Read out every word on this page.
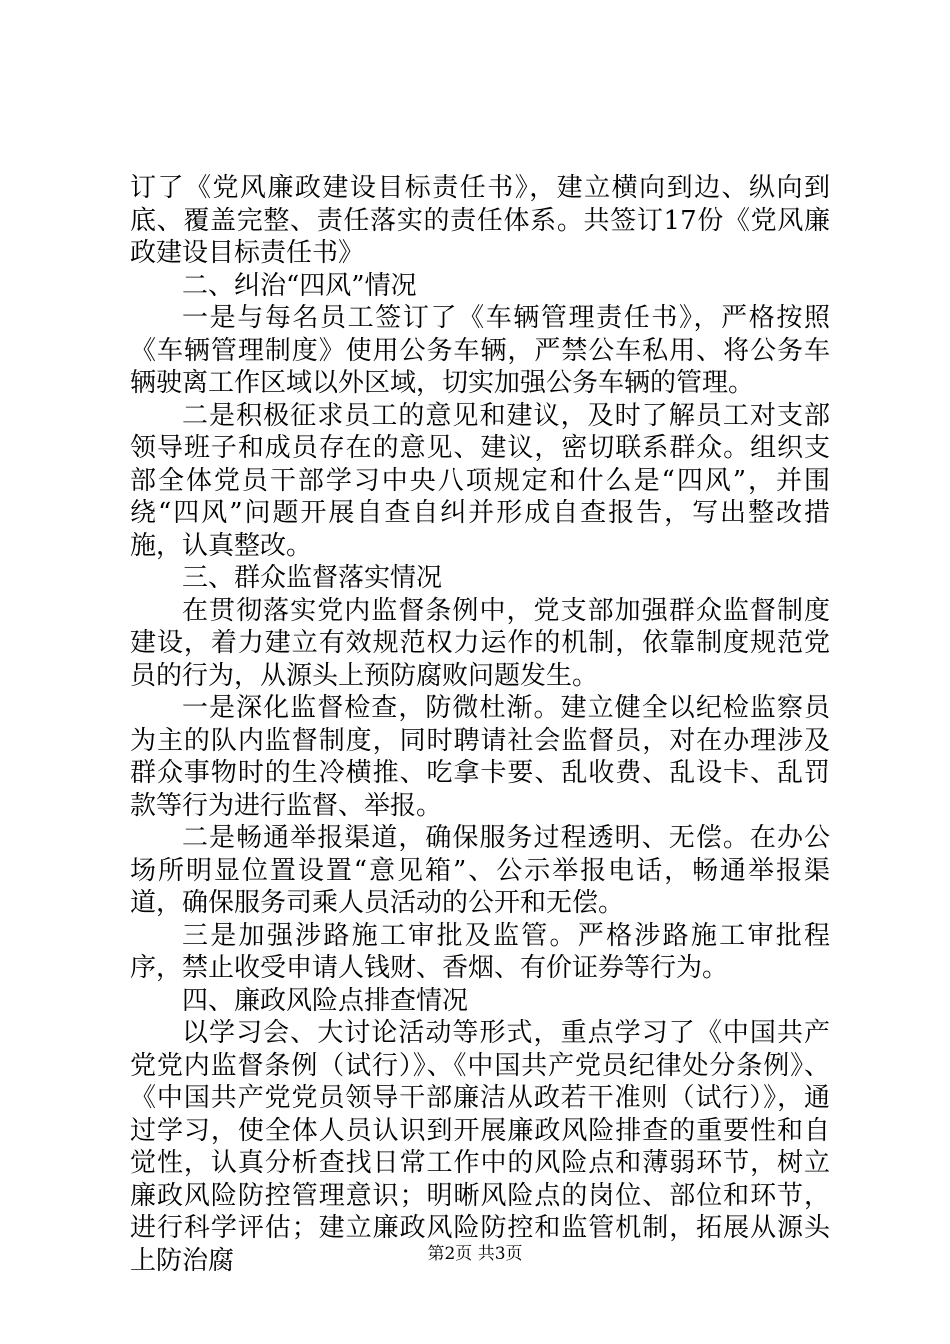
订了《党风廉政建设目标责任书》，建立横向到边、纵向到底、覆盖完整、责任落实的责任体系。共签订17份《党风廉政建设目标责任书》

二、纠治“四风”情况

一是与每名员工签订了《车辆管理责任书》，严格按照《车辆管理制度》使用公务车辆，严禁公车私用、将公务车辆驶离工作区域以外区域，切实加强公务车辆的管理。

二是积极征求员工的意见和建议，及时了解员工对支部领导班子和成员存在的意见、建议，密切联系群众。组织支部全体党员干部学习中央八项规定和什么是“四风”，并围绕“四风”问题开展自查自纠并形成自查报告，写出整改措施，认真整改。

三、群众监督落实情况

在贯彻落实党内监督条例中，党支部加强群众监督制度建设，着力建立有效规范权力运作的机制，依靠制度规范党员的行为，从源头上预防腐败问题发生。

一是深化监督检查，防微杜渐。建立健全以纪检监察员为主的队内监督制度，同时聘请社会监督员，对在办理涉及群众事物时的生冷横推、吃拿卡要、乱收费、乱设卡、乱罚款等行为进行监督、举报。

二是畅通举报渠道，确保服务过程透明、无偿。在办公场所明显位置设置“意见箱”、公示举报电话，畅通举报渠道，确保服务司乘人员活动的公开和无偿。

三是加强涉路施工审批及监管。严格涉路施工审批程序，禁止收受申请人钱财、香烟、有价证券等行为。

四、廉政风险点排查情况

以学习会、大讨论活动等形式，重点学习了《中国共产党党内监督条例（试行）》、《中国共产党员纪律处分条例》、《中国共产党党员领导干部廉洁从政若干准则（试行）》，通过学习，使全体人员认识到开展廉政风险排查的重要性和自觉性，认真分析查找日常工作中的风险点和薄弱环节，树立廉政风险防控管理意识；明晰风险点的岗位、部位和环节，进行科学评估；建立廉政风险防控和监管机制，拓展从源头上防治腐	第2页 共3页
